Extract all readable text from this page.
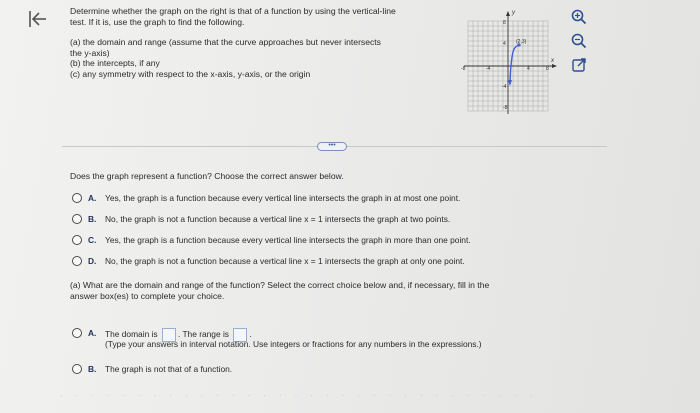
Determine whether the graph on the right is that of a function by using the vertical-line

test. If it is, use the graph to find the following.

(a) the domain and range (assume that the curve approaches but never intersects

the y-axis)

(b) the intercepts, if any

(c) any symmetry with respect to the x-axis, y-axis, or the origin

y
x
8
-8
-8	8
-4	4
4
-4
(2,3)
•••
Does the graph represent a function? Choose the correct answer below.
A. Yes, the graph is a function because every vertical line intersects the graph in at most one point.
B. No, the graph is not a function because a vertical line x = 1 intersects the graph at two points.
C. Yes, the graph is a function because every vertical line intersects the graph in more than one point.
D. No, the graph is not a function because a vertical line x = 1 intersects the graph at only one point.

(a) What are the domain and range of the function? Select the correct choice below and, if necessary, fill in the

answer box(es) to complete your choice.

A. The domain is . The range is .
(Type your answers in interval notation. Use integers or fractions for any numbers in the expressions.)
B. The graph is not that of a function.
· · · · · · · · · · · · · · · · · · · · · · · · · · · · · · ·
